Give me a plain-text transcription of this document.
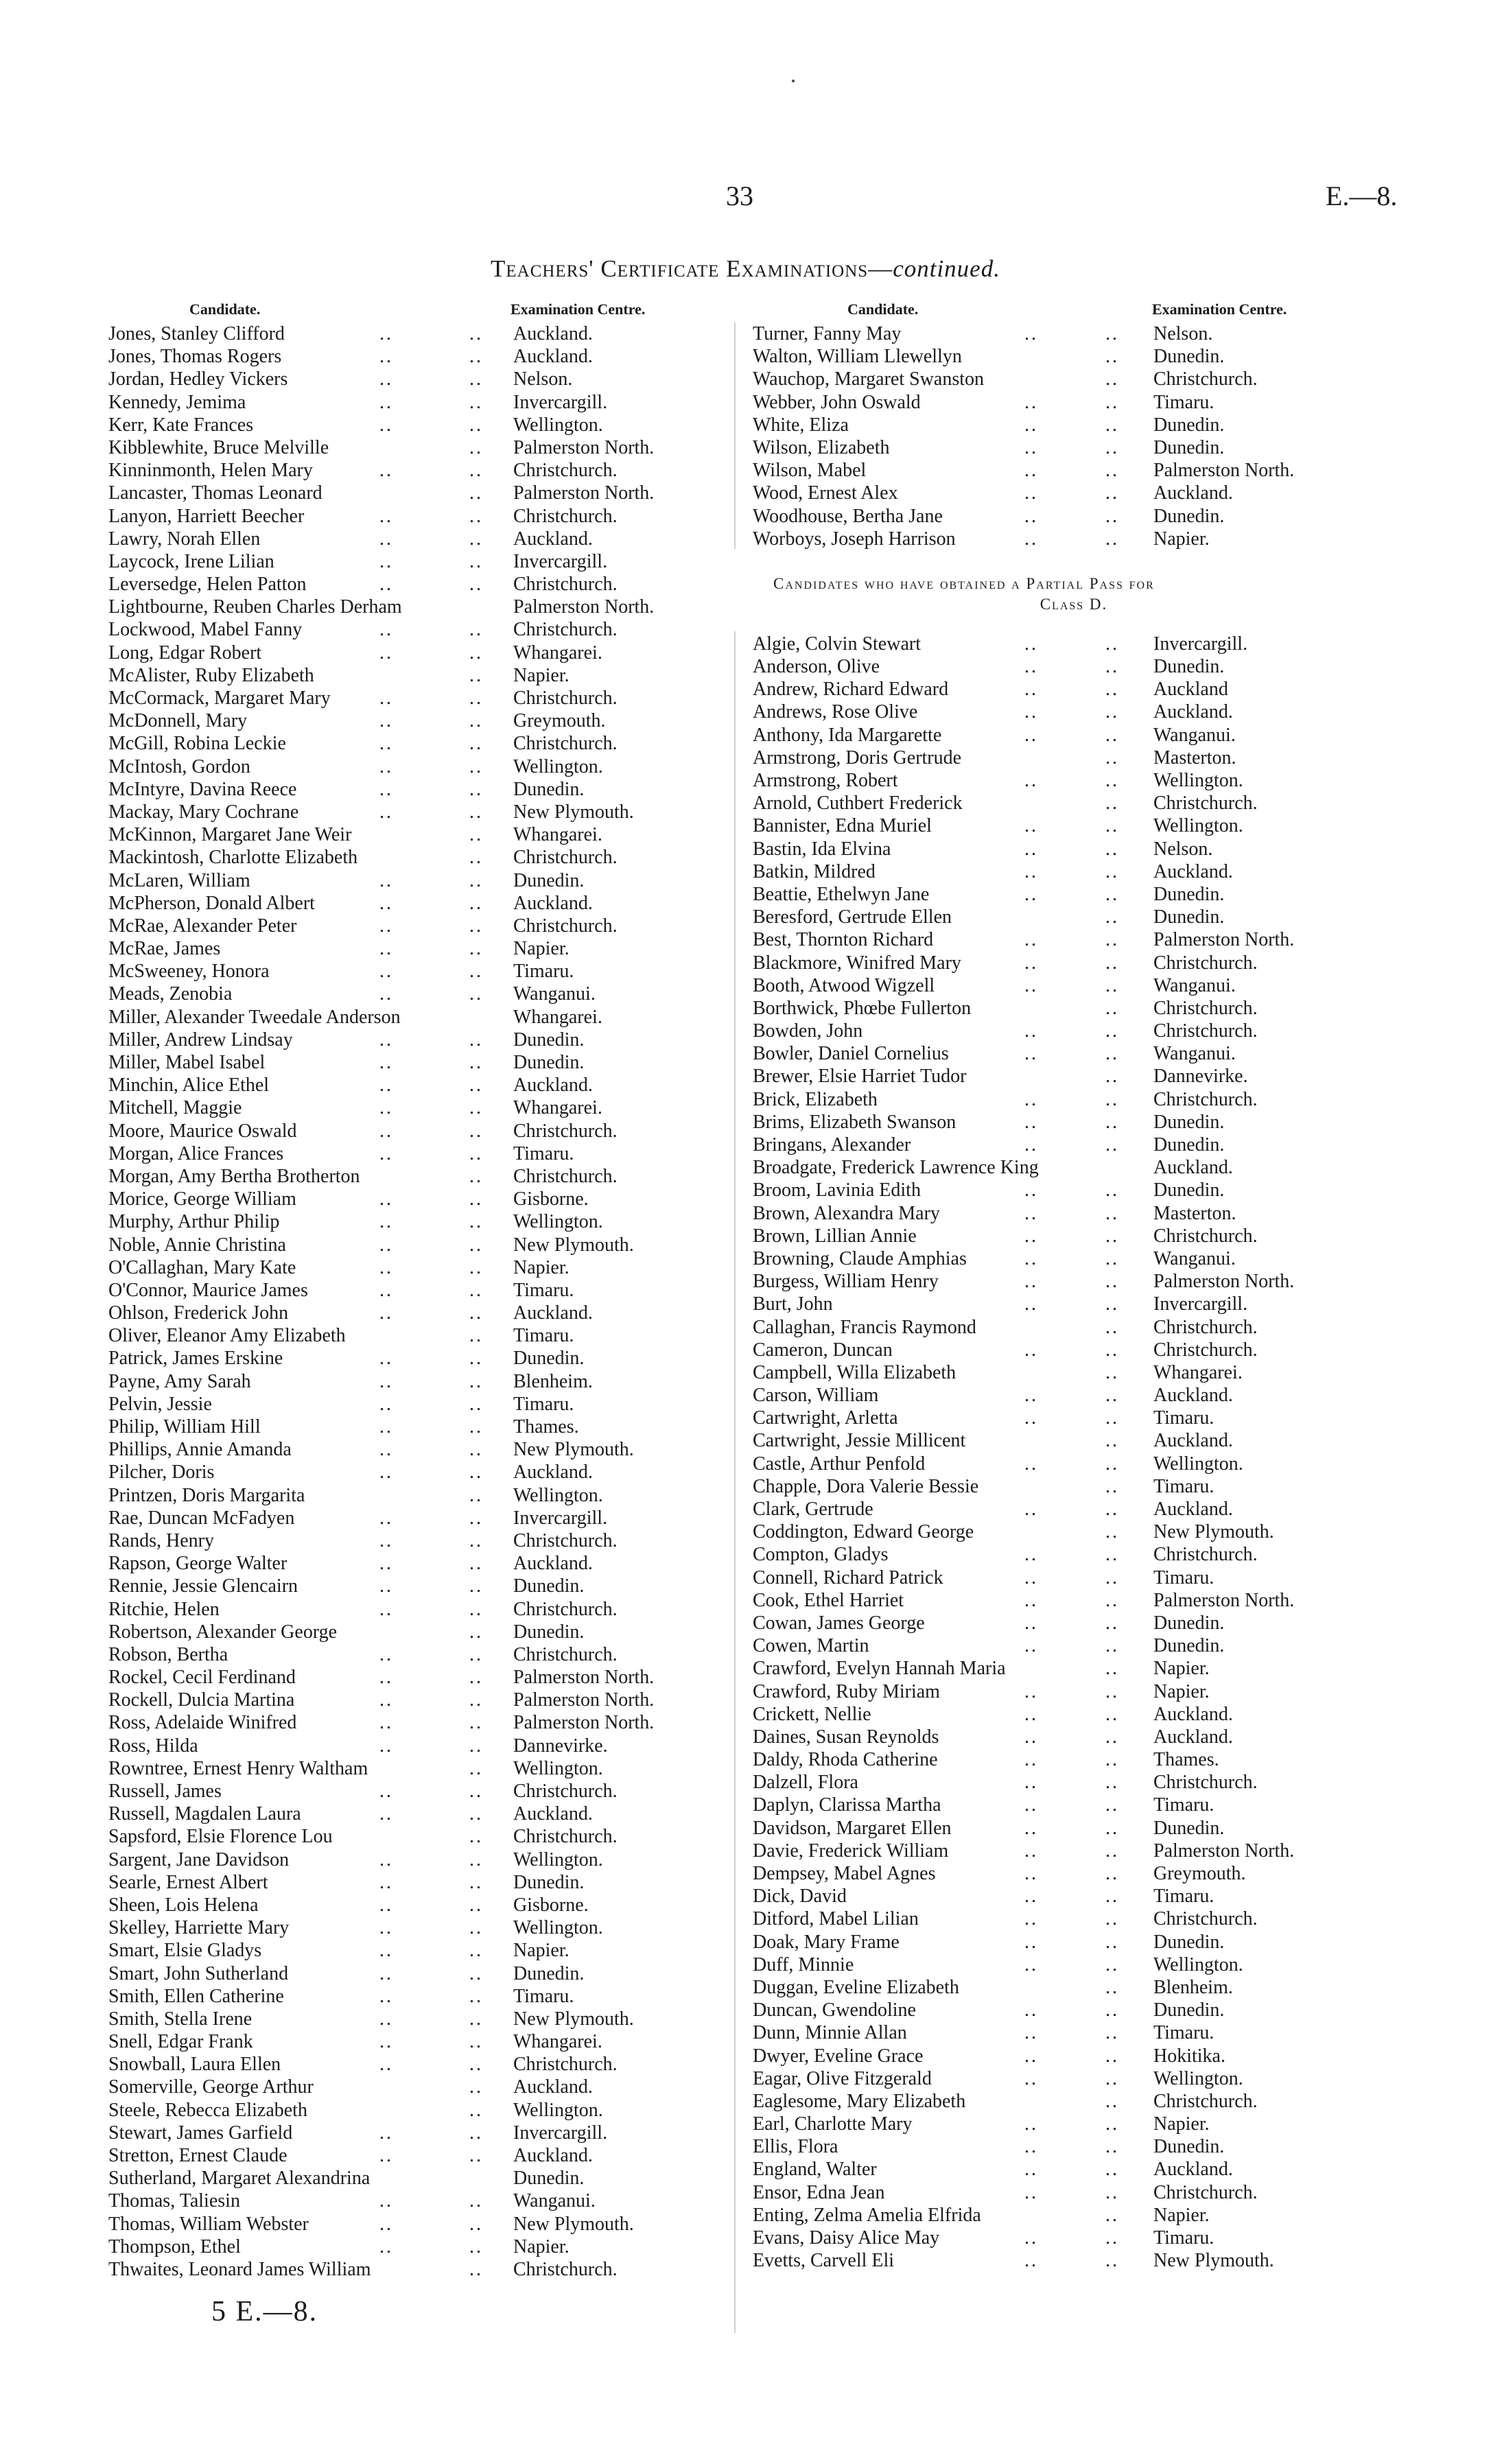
33	E.—8.
Teachers' Certificate Examinations—continued.
Candidate.	Examination Centre.
Jones, Stanley Clifford	..	.. Auckland.
Jones, Thomas Rogers	..	.. Auckland.
Jordan, Hedley Vickers	..	.. Nelson.
Kennedy, Jemima	..	.. Invercargill.
Kerr, Kate Frances	..	.. Wellington.
Kibblewhite, Bruce Melville	.. Palmerston North.
Kinninmonth, Helen Mary	..	.. Christchurch.
Lancaster, Thomas Leonard	.. Palmerston North.
Lanyon, Harriett Beecher	..	.. Christchurch.
Lawry, Norah Ellen	..	.. Auckland.
Laycock, Irene Lilian	..	.. Invercargill.
Leversedge, Helen Patton	..	.. Christchurch.
Lightbourne, Reuben Charles Derham	Palmerston North.
Lockwood, Mabel Fanny	..	.. Christchurch.
Long, Edgar Robert	..	.. Whangarei.
McAlister, Ruby Elizabeth	.. Napier.
McCormack, Margaret Mary	..	.. Christchurch.
McDonnell, Mary	..	.. Greymouth.
McGill, Robina Leckie	..	.. Christchurch.
McIntosh, Gordon	..	.. Wellington.
McIntyre, Davina Reece	..	.. Dunedin.
Mackay, Mary Cochrane	..	.. New Plymouth.
McKinnon, Margaret Jane Weir	.. Whangarei.
Mackintosh, Charlotte Elizabeth	.. Christchurch.
McLaren, William	..	.. Dunedin.
McPherson, Donald Albert	..	.. Auckland.
McRae, Alexander Peter	..	.. Christchurch.
McRae, James	..	.. Napier.
McSweeney, Honora	..	.. Timaru.
Meads, Zenobia	..	.. Wanganui.
Miller, Alexander Tweedale Anderson	Whangarei.
Miller, Andrew Lindsay	..	.. Dunedin.
Miller, Mabel Isabel	..	.. Dunedin.
Minchin, Alice Ethel	..	.. Auckland.
Mitchell, Maggie	..	.. Whangarei.
Moore, Maurice Oswald	..	.. Christchurch.
Morgan, Alice Frances	..	.. Timaru.
Morgan, Amy Bertha Brotherton	.. Christchurch.
Morice, George William	..	.. Gisborne.
Murphy, Arthur Philip	..	.. Wellington.
Noble, Annie Christina	..	.. New Plymouth.
O'Callaghan, Mary Kate	..	.. Napier.
O'Connor, Maurice James	..	.. Timaru.
Ohlson, Frederick John	..	.. Auckland.
Oliver, Eleanor Amy Elizabeth	.. Timaru.
Patrick, James Erskine	..	.. Dunedin.
Payne, Amy Sarah	..	.. Blenheim.
Pelvin, Jessie	..	.. Timaru.
Philip, William Hill	..	.. Thames.
Phillips, Annie Amanda	..	.. New Plymouth.
Pilcher, Doris	..	.. Auckland.
Printzen, Doris Margarita	.. Wellington.
Rae, Duncan McFadyen	..	.. Invercargill.
Rands, Henry	..	.. Christchurch.
Rapson, George Walter	..	.. Auckland.
Rennie, Jessie Glencairn	..	.. Dunedin.
Ritchie, Helen	..	.. Christchurch.
Robertson, Alexander George	.. Dunedin.
Robson, Bertha	..	.. Christchurch.
Rockel, Cecil Ferdinand	..	.. Palmerston North.
Rockell, Dulcia Martina	..	.. Palmerston North.
Ross, Adelaide Winifred	..	.. Palmerston North.
Ross, Hilda	..	.. Dannevirke.
Rowntree, Ernest Henry Waltham	.. Wellington.
Russell, James	..	.. Christchurch.
Russell, Magdalen Laura	..	.. Auckland.
Sapsford, Elsie Florence Lou	.. Christchurch.
Sargent, Jane Davidson	..	.. Wellington.
Searle, Ernest Albert	..	.. Dunedin.
Sheen, Lois Helena	..	.. Gisborne.
Skelley, Harriette Mary	..	.. Wellington.
Smart, Elsie Gladys	..	.. Napier.
Smart, John Sutherland	..	.. Dunedin.
Smith, Ellen Catherine	..	.. Timaru.
Smith, Stella Irene	..	.. New Plymouth.
Snell, Edgar Frank	..	.. Whangarei.
Snowball, Laura Ellen	..	.. Christchurch.
Somerville, George Arthur	.. Auckland.
Steele, Rebecca Elizabeth	.. Wellington.
Stewart, James Garfield	..	.. Invercargill.
Stretton, Ernest Claude	..	.. Auckland.
Sutherland, Margaret Alexandrina	Dunedin.
Thomas, Taliesin	..	.. Wanganui.
Thomas, William Webster	..	.. New Plymouth.
Thompson, Ethel	..	.. Napier.
Thwaites, Leonard James William	.. Christchurch.
Candidate.	Examination Centre.
Turner, Fanny May	..	.. Nelson.
Walton, William Llewellyn	.. Dunedin.
Wauchop, Margaret Swanston	.. Christchurch.
Webber, John Oswald	..	.. Timaru.
White, Eliza	..	.. Dunedin.
Wilson, Elizabeth	..	.. Dunedin.
Wilson, Mabel	..	.. Palmerston North.
Wood, Ernest Alex	..	.. Auckland.
Woodhouse, Bertha Jane	..	.. Dunedin.
Worboys, Joseph Harrison	..	.. Napier.
Candidates who have obtained a Partial Pass for
Class D.
Algie, Colvin Stewart	..	.. Invercargill.
Anderson, Olive	..	.. Dunedin.
Andrew, Richard Edward	..	.. Auckland
Andrews, Rose Olive	..	.. Auckland.
Anthony, Ida Margarette	..	.. Wanganui.
Armstrong, Doris Gertrude	.. Masterton.
Armstrong, Robert	..	.. Wellington.
Arnold, Cuthbert Frederick	.. Christchurch.
Bannister, Edna Muriel	..	.. Wellington.
Bastin, Ida Elvina	..	.. Nelson.
Batkin, Mildred	..	.. Auckland.
Beattie, Ethelwyn Jane	..	.. Dunedin.
Beresford, Gertrude Ellen	.. Dunedin.
Best, Thornton Richard	..	.. Palmerston North.
Blackmore, Winifred Mary	..	.. Christchurch.
Booth, Atwood Wigzell	..	.. Wanganui.
Borthwick, Phœbe Fullerton	.. Christchurch.
Bowden, John	..	.. Christchurch.
Bowler, Daniel Cornelius	..	.. Wanganui.
Brewer, Elsie Harriet Tudor	.. Dannevirke.
Brick, Elizabeth	..	.. Christchurch.
Brims, Elizabeth Swanson	..	.. Dunedin.
Bringans, Alexander	..	.. Dunedin.
Broadgate, Frederick Lawrence King	Auckland.
Broom, Lavinia Edith	..	.. Dunedin.
Brown, Alexandra Mary	..	.. Masterton.
Brown, Lillian Annie	..	.. Christchurch.
Browning, Claude Amphias	..	.. Wanganui.
Burgess, William Henry	..	.. Palmerston North.
Burt, John	..	.. Invercargill.
Callaghan, Francis Raymond	.. Christchurch.
Cameron, Duncan	..	.. Christchurch.
Campbell, Willa Elizabeth	.. Whangarei.
Carson, William	..	.. Auckland.
Cartwright, Arletta	..	.. Timaru.
Cartwright, Jessie Millicent	.. Auckland.
Castle, Arthur Penfold	..	.. Wellington.
Chapple, Dora Valerie Bessie	.. Timaru.
Clark, Gertrude	..	.. Auckland.
Coddington, Edward George	.. New Plymouth.
Compton, Gladys	..	.. Christchurch.
Connell, Richard Patrick	..	.. Timaru.
Cook, Ethel Harriet	..	.. Palmerston North.
Cowan, James George	..	.. Dunedin.
Cowen, Martin	..	.. Dunedin.
Crawford, Evelyn Hannah Maria	.. Napier.
Crawford, Ruby Miriam	..	.. Napier.
Crickett, Nellie	..	.. Auckland.
Daines, Susan Reynolds	..	.. Auckland.
Daldy, Rhoda Catherine	..	.. Thames.
Dalzell, Flora	..	.. Christchurch.
Daplyn, Clarissa Martha	..	.. Timaru.
Davidson, Margaret Ellen	..	.. Dunedin.
Davie, Frederick William	..	.. Palmerston North.
Dempsey, Mabel Agnes	..	.. Greymouth.
Dick, David	..	.. Timaru.
Ditford, Mabel Lilian	..	.. Christchurch.
Doak, Mary Frame	..	.. Dunedin.
Duff, Minnie	..	.. Wellington.
Duggan, Eveline Elizabeth	.. Blenheim.
Duncan, Gwendoline	..	.. Dunedin.
Dunn, Minnie Allan	..	.. Timaru.
Dwyer, Eveline Grace	..	.. Hokitika.
Eagar, Olive Fitzgerald	..	.. Wellington.
Eaglesome, Mary Elizabeth	.. Christchurch.
Earl, Charlotte Mary	..	.. Napier.
Ellis, Flora	..	.. Dunedin.
England, Walter	..	.. Auckland.
Ensor, Edna Jean	..	.. Christchurch.
Enting, Zelma Amelia Elfrida	.. Napier.
Evans, Daisy Alice May	..	.. Timaru.
Evetts, Carvell Eli	..	.. New Plymouth.
5 E.—8.
